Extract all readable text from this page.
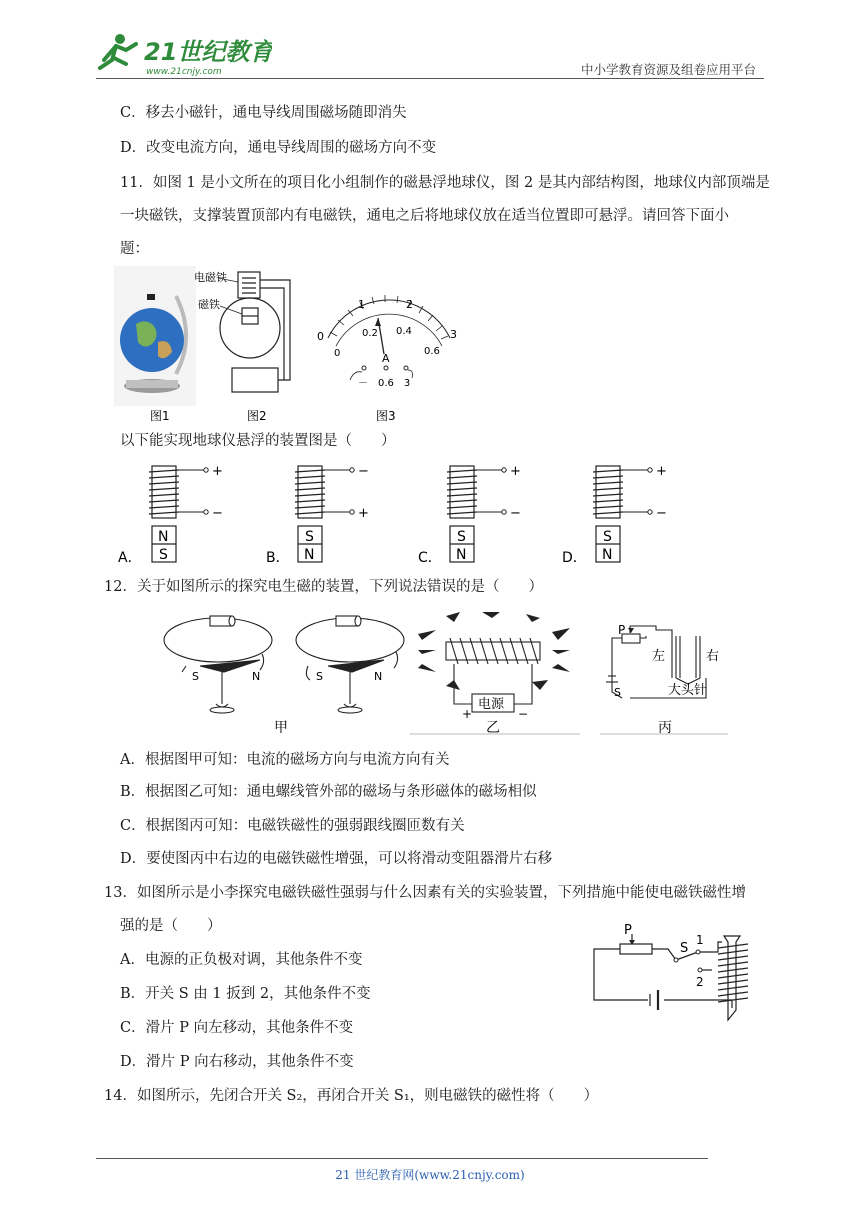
21世纪教育
www.21cnjy.com	中小学教育资源及组卷应用平台
C．移去小磁针，通电导线周围磁场随即消失
D．改变电流方向，通电导线周围的磁场方向不变
11．如图 1 是小文所在的项目化小组制作的磁悬浮地球仪，图 2 是其内部结构图，地球仪内部顶端是
一块磁铁，支撑装置顶部内有电磁铁，通电之后将地球仪放在适当位置即可悬浮。请回答下面小
题：
图1
电磁铁
磁铁
图2
0
1	2
3
0
0.2 0.4
0.6
A
－　0.6　3
图3
以下能实现地球仪悬浮的装置图是（　　）
+
−
N
S
A．
−
+
S
N
B．
+
−
S
N
C．
+
−
S
N
D．
12．关于如图所示的探究电生磁的装置，下列说法错误的是（　　）
S	N	S	N
甲
电源
+	−
乙
P
左	右
大头针
S
丙
A．根据图甲可知：电流的磁场方向与电流方向有关
B．根据图乙可知：通电螺线管外部的磁场与条形磁体的磁场相似
C．根据图丙可知：电磁铁磁性的强弱跟线圈匝数有关
D．要使图丙中右边的电磁铁磁性增强，可以将滑动变阻器滑片右移
13．如图所示是小李探究电磁铁磁性强弱与什么因素有关的实验装置，下列措施中能使电磁铁磁性增
强的是（　　）
A．电源的正负极对调，其他条件不变
B．开关 S 由 1 扳到 2，其他条件不变
C．滑片 P 向左移动，其他条件不变
D．滑片 P 向右移动，其他条件不变
P
S
1
2
14．如图所示，先闭合开关 S₂，再闭合开关 S₁，则电磁铁的磁性将（　　）
21 世纪教育网(www.21cnjy.com)
